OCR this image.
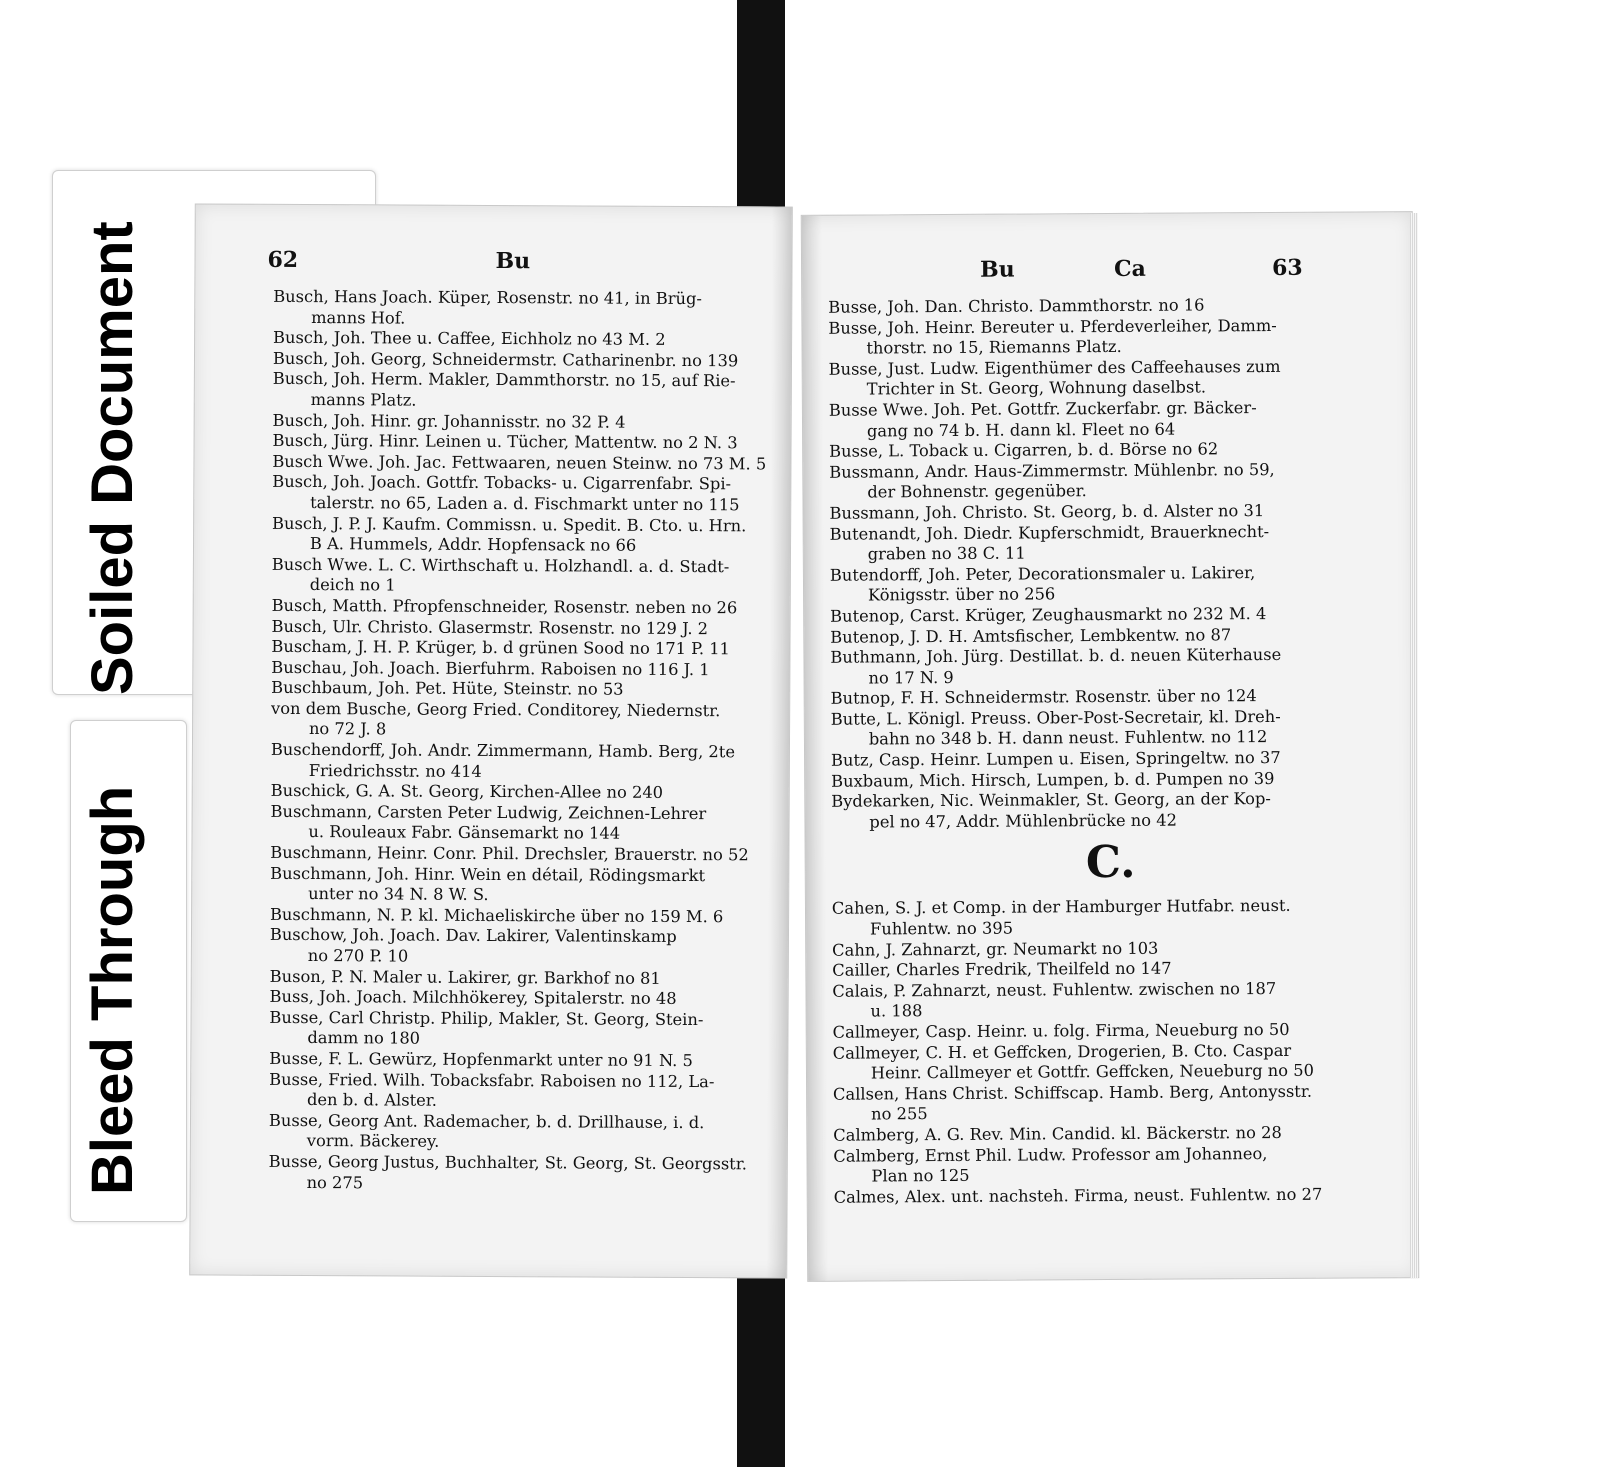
Soiled Document
Bleed Through
62	Bu
Busch, Hans Joach. Küper, Rosenstr. no 41, in Brüg-
manns Hof.
Busch, Joh. Thee u. Caffee, Eichholz no 43 M. 2
Busch, Joh. Georg, Schneidermstr. Catharinenbr. no 139
Busch, Joh. Herm. Makler, Dammthorstr. no 15, auf Rie-
manns Platz.
Busch, Joh. Hinr. gr. Johannisstr. no 32 P. 4
Busch, Jürg. Hinr. Leinen u. Tücher, Mattentw. no 2 N. 3
Busch Wwe. Joh. Jac. Fettwaaren, neuen Steinw. no 73 M. 5
Busch, Joh. Joach. Gottfr. Tobacks- u. Cigarrenfabr. Spi-
talerstr. no 65, Laden a. d. Fischmarkt unter no 115
Busch, J. P. J. Kaufm. Commissn. u. Spedit. B. Cto. u. Hrn.
B A. Hummels, Addr. Hopfensack no 66
Busch Wwe. L. C. Wirthschaft u. Holzhandl. a. d. Stadt-
deich no 1
Busch, Matth. Pfropfenschneider, Rosenstr. neben no 26
Busch, Ulr. Christo. Glasermstr. Rosenstr. no 129 J. 2
Buscham, J. H. P. Krüger, b. d grünen Sood no 171 P. 11
Buschau, Joh. Joach. Bierfuhrm. Raboisen no 116 J. 1
Buschbaum, Joh. Pet. Hüte, Steinstr. no 53
von dem Busche, Georg Fried. Conditorey, Niedernstr.
no 72 J. 8
Buschendorff, Joh. Andr. Zimmermann, Hamb. Berg, 2te
Friedrichsstr. no 414
Buschick, G. A. St. Georg, Kirchen-Allee no 240
Buschmann, Carsten Peter Ludwig, Zeichnen-Lehrer
u. Rouleaux Fabr. Gänsemarkt no 144
Buschmann, Heinr. Conr. Phil. Drechsler, Brauerstr. no 52
Buschmann, Joh. Hinr. Wein en détail, Rödingsmarkt
unter no 34 N. 8 W. S.
Buschmann, N. P. kl. Michaeliskirche über no 159 M. 6
Buschow, Joh. Joach. Dav. Lakirer, Valentinskamp
no 270 P. 10
Buson, P. N. Maler u. Lakirer, gr. Barkhof no 81
Buss, Joh. Joach. Milchhökerey, Spitalerstr. no 48
Busse, Carl Christp. Philip, Makler, St. Georg, Stein-
damm no 180
Busse, F. L. Gewürz, Hopfenmarkt unter no 91 N. 5
Busse, Fried. Wilh. Tobacksfabr. Raboisen no 112, La-
den b. d. Alster.
Busse, Georg Ant. Rademacher, b. d. Drillhause, i. d.
vorm. Bäckerey.
Busse, Georg Justus, Buchhalter, St. Georg, St. Georgsstr.
no 275
Bu	Ca	63
Busse, Joh. Dan. Christo. Dammthorstr. no 16
Busse, Joh. Heinr. Bereuter u. Pferdeverleiher, Damm-
thorstr. no 15, Riemanns Platz.
Busse, Just. Ludw. Eigenthümer des Caffeehauses zum
Trichter in St. Georg, Wohnung daselbst.
Busse Wwe. Joh. Pet. Gottfr. Zuckerfabr. gr. Bäcker-
gang no 74 b. H. dann kl. Fleet no 64
Busse, L. Toback u. Cigarren, b. d. Börse no 62
Bussmann, Andr. Haus-Zimmermstr. Mühlenbr. no 59,
der Bohnenstr. gegenüber.
Bussmann, Joh. Christo. St. Georg, b. d. Alster no 31
Butenandt, Joh. Diedr. Kupferschmidt, Brauerknecht-
graben no 38 C. 11
Butendorff, Joh. Peter, Decorationsmaler u. Lakirer,
Königsstr. über no 256
Butenop, Carst. Krüger, Zeughausmarkt no 232 M. 4
Butenop, J. D. H. Amtsfischer, Lembkentw. no 87
Buthmann, Joh. Jürg. Destillat. b. d. neuen Küterhause
no 17 N. 9
Butnop, F. H. Schneidermstr. Rosenstr. über no 124
Butte, L. Königl. Preuss. Ober-Post-Secretair, kl. Dreh-
bahn no 348 b. H. dann neust. Fuhlentw. no 112
Butz, Casp. Heinr. Lumpen u. Eisen, Springeltw. no 37
Buxbaum, Mich. Hirsch, Lumpen, b. d. Pumpen no 39
Bydekarken, Nic. Weinmakler, St. Georg, an der Kop-
pel no 47, Addr. Mühlenbrücke no 42
C.
Cahen, S. J. et Comp. in der Hamburger Hutfabr. neust.
Fuhlentw. no 395
Cahn, J. Zahnarzt, gr. Neumarkt no 103
Cailler, Charles Fredrik, Theilfeld no 147
Calais, P. Zahnarzt, neust. Fuhlentw. zwischen no 187
u. 188
Callmeyer, Casp. Heinr. u. folg. Firma, Neueburg no 50
Callmeyer, C. H. et Geffcken, Drogerien, B. Cto. Caspar
Heinr. Callmeyer et Gottfr. Geffcken, Neueburg no 50
Callsen, Hans Christ. Schiffscap. Hamb. Berg, Antonysstr.
no 255
Calmberg, A. G. Rev. Min. Candid. kl. Bäckerstr. no 28
Calmberg, Ernst Phil. Ludw. Professor am Johanneo,
Plan no 125
Calmes, Alex. unt. nachsteh. Firma, neust. Fuhlentw. no 27
